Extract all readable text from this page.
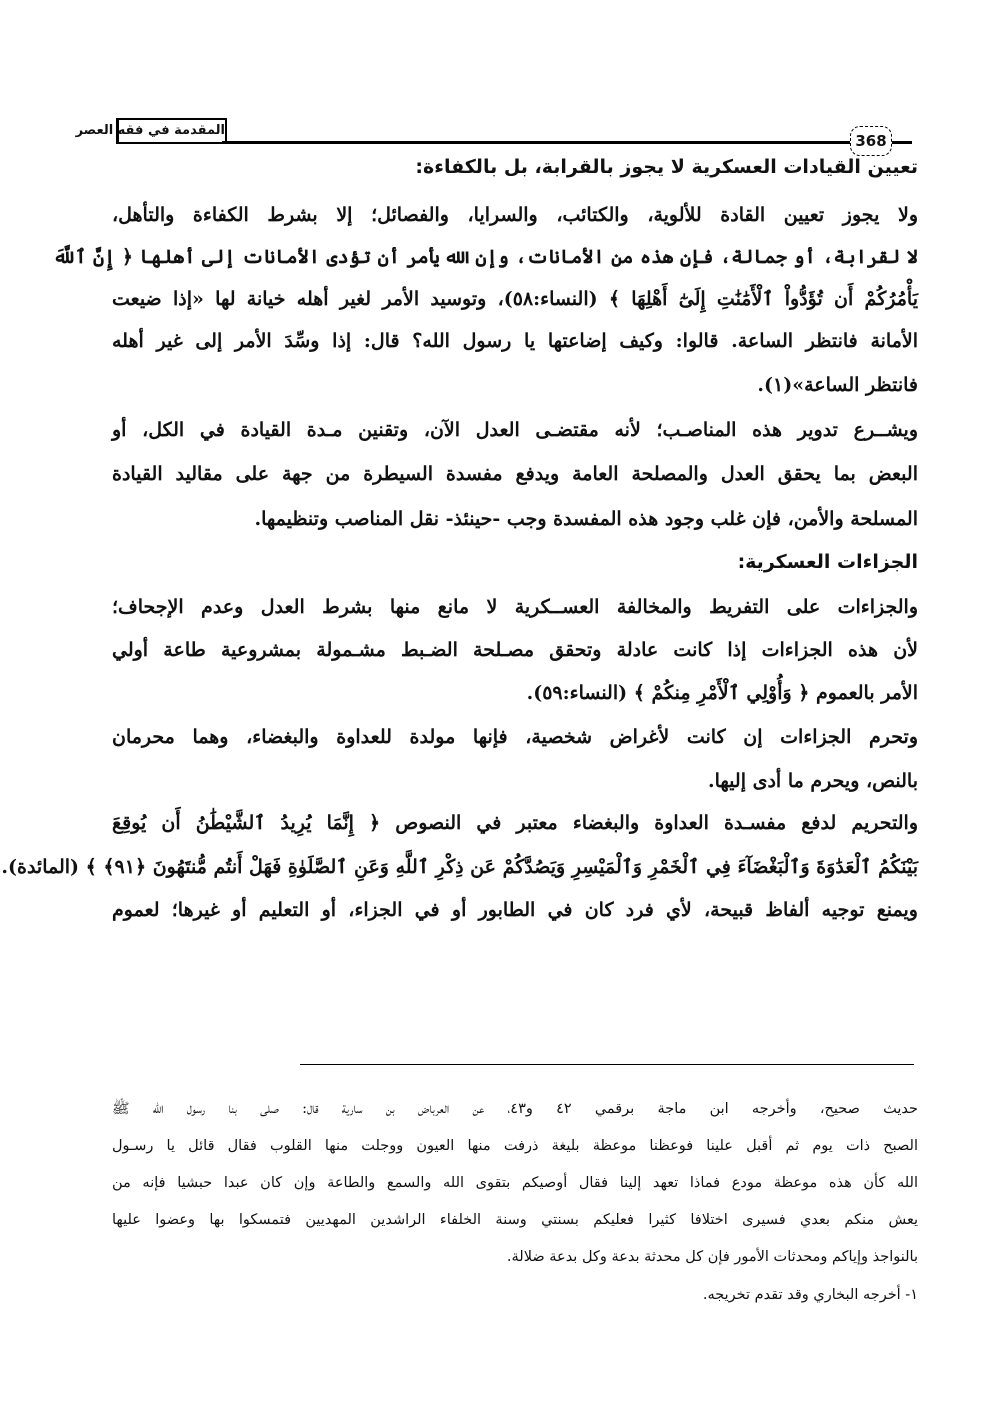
المقدمة في فقه العصر
368
تعيين القيادات العسكرية لا يجوز بالقرابة، بل بالكفاءة:
ولا يجوز تعيين القادة للألوية، والكتائب، والسرايا، والفصائل؛ إلا بشرط الكفاءة والتأهل،
لا لقرابة، أو جمالة، فإن هذه من الأمانات، وإن الله يأمر أن تؤدى الأمانات إلى أهلها ﴿ إِنَّ ٱللَّهَ
يَأْمُرُكُمْ أَن تُؤَدُّواْ ٱلْأَمَٰنَٰتِ إِلَىٰٓ أَهْلِهَا ﴾ (النساء:٥٨)، وتوسيد الأمر لغير أهله خيانة لها «إذا ضيعت
الأمانة فانتظر الساعة. قالوا: وكيف إضاعتها يا رسول الله؟ قال: إذا وسِّدَ الأمر إلى غير أهله
فانتظر الساعة»(١).
ويشــرع تدوير هذه المناصـب؛ لأنه مقتضـى العدل الآن، وتقنين مـدة القيادة في الكل، أو
البعض بما يحقق العدل والمصلحة العامة ويدفع مفسدة السيطرة من جهة على مقاليد القيادة
المسلحة والأمن، فإن غلب وجود هذه المفسدة وجب -حينئذ- نقل المناصب وتنظيمها.
الجزاءات العسكرية:
والجزاءات على التفريط والمخالفة العســكرية لا مانع منها بشرط العدل وعدم الإجحاف؛
لأن هذه الجزاءات إذا كانت عادلة وتحقق مصـلحة الضـبط مشـمولة بمشروعية طاعة أولي
الأمر بالعموم ﴿ وَأُوْلِي ٱلْأَمْرِ مِنكُمْ ﴾ (النساء:٥٩).
وتحرم الجزاءات إن كانت لأغراض شخصية، فإنها مولدة للعداوة والبغضاء، وهما محرمان
بالنص، ويحرم ما أدى إليها.
والتحريم لدفع مفسـدة العداوة والبغضاء معتبر في النصوص ﴿ إِنَّمَا يُرِيدُ ٱلشَّيْطَٰنُ أَن يُوقِعَ
بَيْنَكُمُ ٱلْعَدَٰوَةَ وَٱلْبَغْضَآءَ فِي ٱلْخَمْرِ وَٱلْمَيْسِرِ وَيَصُدَّكُمْ عَن ذِكْرِ ٱللَّهِ وَعَنِ ٱلصَّلَوٰةِ فَهَلْ أَنتُم مُّنتَهُونَ ﴿٩١﴾ ﴾ (المائدة).
ويمنع توجيه ألفاظ قبيحة، لأي فرد كان في الطابور أو في الجزاء، أو التعليم أو غيرها؛ لعموم
حديث صحيح، وأخرجه ابن ماجة برقمي ٤٢ و٤٣، عن العرباض بن سارية قال: صلى بنا رسول الله ﷺ
الصبح ذات يوم ثم أقبل علينا فوعظنا موعظة بليغة ذرفت منها العيون ووجلت منها القلوب فقال قائل يا رسـول
الله كأن هذه موعظة مودع فماذا تعهد إلينا فقال أوصيكم بتقوى الله والسمع والطاعة وإن كان عبدا حبشيا فإنه من
يعش منكم بعدي فسيرى اختلافا كثيرا فعليكم بسنتي وسنة الخلفاء الراشدين المهديين فتمسكوا بها وعضوا عليها
بالنواجذ وإياكم ومحدثات الأمور فإن كل محدثة بدعة وكل بدعة ضلالة.
١- أخرجه البخاري وقد تقدم تخريجه.
